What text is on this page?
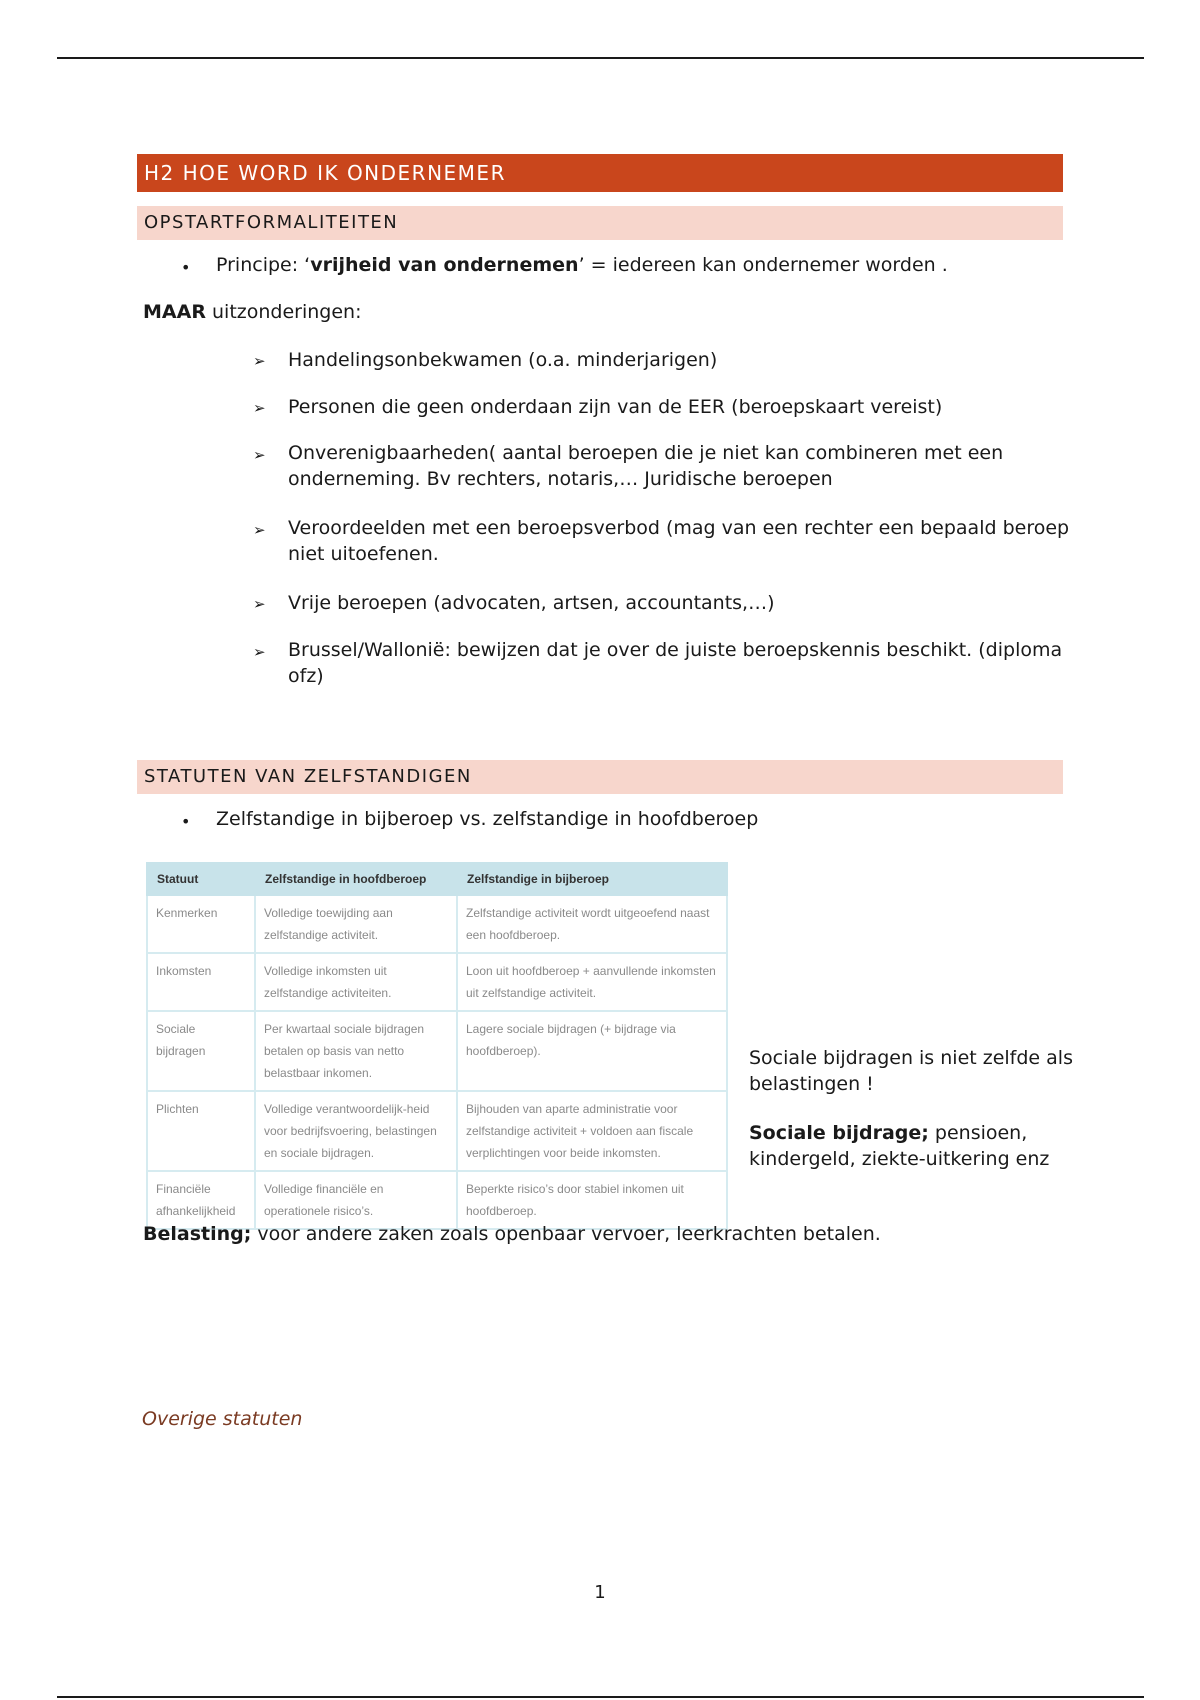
H2 HOE WORD IK ONDERNEMER
OPSTARTFORMALITEITEN
• Principe: ‘vrijheid van ondernemen’ = iedereen kan ondernemer worden .
MAAR uitzonderingen:
➢ Handelingsonbekwamen (o.a. minderjarigen)
➢ Personen die geen onderdaan zijn van de EER (beroepskaart vereist)
➢ Onverenigbaarheden( aantal beroepen die je niet kan combineren met een onderneming. Bv rechters, notaris,… Juridische beroepen
➢ Veroordeelden met een beroepsverbod (mag van een rechter een bepaald beroep niet uitoefenen.
➢ Vrije beroepen (advocaten, artsen, accountants,…)
➢ Brussel/Wallonië: bewijzen dat je over de juiste beroepskennis beschikt. (diploma ofz)
STATUTEN VAN ZELFSTANDIGEN
• Zelfstandige in bijberoep vs. zelfstandige in hoofdberoep
Statuut	Zelfstandige in hoofdberoep	Zelfstandige in bijberoep
Kenmerken	Volledige toewijding aan zelfstandige activiteit.	Zelfstandige activiteit wordt uitgeoefend naast een hoofdberoep.
Inkomsten	Volledige inkomsten uit zelfstandige activiteiten.	Loon uit hoofdberoep + aanvullende inkomsten uit zelfstandige activiteit.
Sociale bijdragen	Per kwartaal sociale bijdragen betalen op basis van netto belastbaar inkomen.	Lagere sociale bijdragen (+ bijdrage via hoofdberoep).
Plichten	Volledige verantwoordelijk-heid voor bedrijfsvoering, belastingen en sociale bijdragen.	Bijhouden van aparte administratie voor zelfstandige activiteit + voldoen aan fiscale verplichtingen voor beide inkomsten.
Financiële afhankelijkheid	Volledige financiële en operationele risico’s.	Beperkte risico’s door stabiel inkomen uit hoofdberoep.
Sociale bijdragen is niet zelfde als belastingen !
Sociale bijdrage; pensioen, kindergeld, ziekte-uitkering enz
Belasting; voor andere zaken zoals openbaar vervoer, leerkrachten betalen.
Overige statuten
1
